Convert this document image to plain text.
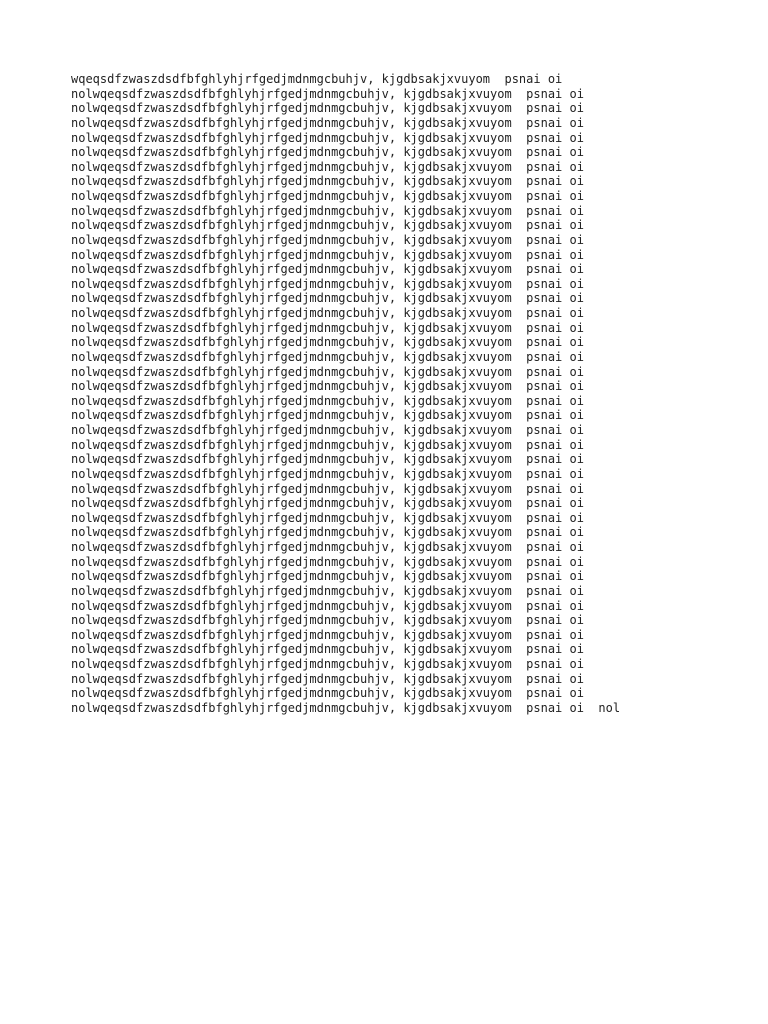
wqeqsdfzwaszdsdfbfghlyhjrfgedjmdnmgcbuhjv, kjgdbsakjxvuyom  psnai oi
nolwqeqsdfzwaszdsdfbfghlyhjrfgedjmdnmgcbuhjv, kjgdbsakjxvuyom  psnai oi
nolwqeqsdfzwaszdsdfbfghlyhjrfgedjmdnmgcbuhjv, kjgdbsakjxvuyom  psnai oi
nolwqeqsdfzwaszdsdfbfghlyhjrfgedjmdnmgcbuhjv, kjgdbsakjxvuyom  psnai oi
nolwqeqsdfzwaszdsdfbfghlyhjrfgedjmdnmgcbuhjv, kjgdbsakjxvuyom  psnai oi
nolwqeqsdfzwaszdsdfbfghlyhjrfgedjmdnmgcbuhjv, kjgdbsakjxvuyom  psnai oi
nolwqeqsdfzwaszdsdfbfghlyhjrfgedjmdnmgcbuhjv, kjgdbsakjxvuyom  psnai oi
nolwqeqsdfzwaszdsdfbfghlyhjrfgedjmdnmgcbuhjv, kjgdbsakjxvuyom  psnai oi
nolwqeqsdfzwaszdsdfbfghlyhjrfgedjmdnmgcbuhjv, kjgdbsakjxvuyom  psnai oi
nolwqeqsdfzwaszdsdfbfghlyhjrfgedjmdnmgcbuhjv, kjgdbsakjxvuyom  psnai oi
nolwqeqsdfzwaszdsdfbfghlyhjrfgedjmdnmgcbuhjv, kjgdbsakjxvuyom  psnai oi
nolwqeqsdfzwaszdsdfbfghlyhjrfgedjmdnmgcbuhjv, kjgdbsakjxvuyom  psnai oi
nolwqeqsdfzwaszdsdfbfghlyhjrfgedjmdnmgcbuhjv, kjgdbsakjxvuyom  psnai oi
nolwqeqsdfzwaszdsdfbfghlyhjrfgedjmdnmgcbuhjv, kjgdbsakjxvuyom  psnai oi
nolwqeqsdfzwaszdsdfbfghlyhjrfgedjmdnmgcbuhjv, kjgdbsakjxvuyom  psnai oi
nolwqeqsdfzwaszdsdfbfghlyhjrfgedjmdnmgcbuhjv, kjgdbsakjxvuyom  psnai oi
nolwqeqsdfzwaszdsdfbfghlyhjrfgedjmdnmgcbuhjv, kjgdbsakjxvuyom  psnai oi
nolwqeqsdfzwaszdsdfbfghlyhjrfgedjmdnmgcbuhjv, kjgdbsakjxvuyom  psnai oi
nolwqeqsdfzwaszdsdfbfghlyhjrfgedjmdnmgcbuhjv, kjgdbsakjxvuyom  psnai oi
nolwqeqsdfzwaszdsdfbfghlyhjrfgedjmdnmgcbuhjv, kjgdbsakjxvuyom  psnai oi
nolwqeqsdfzwaszdsdfbfghlyhjrfgedjmdnmgcbuhjv, kjgdbsakjxvuyom  psnai oi
nolwqeqsdfzwaszdsdfbfghlyhjrfgedjmdnmgcbuhjv, kjgdbsakjxvuyom  psnai oi
nolwqeqsdfzwaszdsdfbfghlyhjrfgedjmdnmgcbuhjv, kjgdbsakjxvuyom  psnai oi
nolwqeqsdfzwaszdsdfbfghlyhjrfgedjmdnmgcbuhjv, kjgdbsakjxvuyom  psnai oi
nolwqeqsdfzwaszdsdfbfghlyhjrfgedjmdnmgcbuhjv, kjgdbsakjxvuyom  psnai oi
nolwqeqsdfzwaszdsdfbfghlyhjrfgedjmdnmgcbuhjv, kjgdbsakjxvuyom  psnai oi
nolwqeqsdfzwaszdsdfbfghlyhjrfgedjmdnmgcbuhjv, kjgdbsakjxvuyom  psnai oi
nolwqeqsdfzwaszdsdfbfghlyhjrfgedjmdnmgcbuhjv, kjgdbsakjxvuyom  psnai oi
nolwqeqsdfzwaszdsdfbfghlyhjrfgedjmdnmgcbuhjv, kjgdbsakjxvuyom  psnai oi
nolwqeqsdfzwaszdsdfbfghlyhjrfgedjmdnmgcbuhjv, kjgdbsakjxvuyom  psnai oi
nolwqeqsdfzwaszdsdfbfghlyhjrfgedjmdnmgcbuhjv, kjgdbsakjxvuyom  psnai oi
nolwqeqsdfzwaszdsdfbfghlyhjrfgedjmdnmgcbuhjv, kjgdbsakjxvuyom  psnai oi
nolwqeqsdfzwaszdsdfbfghlyhjrfgedjmdnmgcbuhjv, kjgdbsakjxvuyom  psnai oi
nolwqeqsdfzwaszdsdfbfghlyhjrfgedjmdnmgcbuhjv, kjgdbsakjxvuyom  psnai oi
nolwqeqsdfzwaszdsdfbfghlyhjrfgedjmdnmgcbuhjv, kjgdbsakjxvuyom  psnai oi
nolwqeqsdfzwaszdsdfbfghlyhjrfgedjmdnmgcbuhjv, kjgdbsakjxvuyom  psnai oi
nolwqeqsdfzwaszdsdfbfghlyhjrfgedjmdnmgcbuhjv, kjgdbsakjxvuyom  psnai oi
nolwqeqsdfzwaszdsdfbfghlyhjrfgedjmdnmgcbuhjv, kjgdbsakjxvuyom  psnai oi
nolwqeqsdfzwaszdsdfbfghlyhjrfgedjmdnmgcbuhjv, kjgdbsakjxvuyom  psnai oi
nolwqeqsdfzwaszdsdfbfghlyhjrfgedjmdnmgcbuhjv, kjgdbsakjxvuyom  psnai oi
nolwqeqsdfzwaszdsdfbfghlyhjrfgedjmdnmgcbuhjv, kjgdbsakjxvuyom  psnai oi
nolwqeqsdfzwaszdsdfbfghlyhjrfgedjmdnmgcbuhjv, kjgdbsakjxvuyom  psnai oi
nolwqeqsdfzwaszdsdfbfghlyhjrfgedjmdnmgcbuhjv, kjgdbsakjxvuyom  psnai oi
nolwqeqsdfzwaszdsdfbfghlyhjrfgedjmdnmgcbuhjv, kjgdbsakjxvuyom  psnai oi  nol
